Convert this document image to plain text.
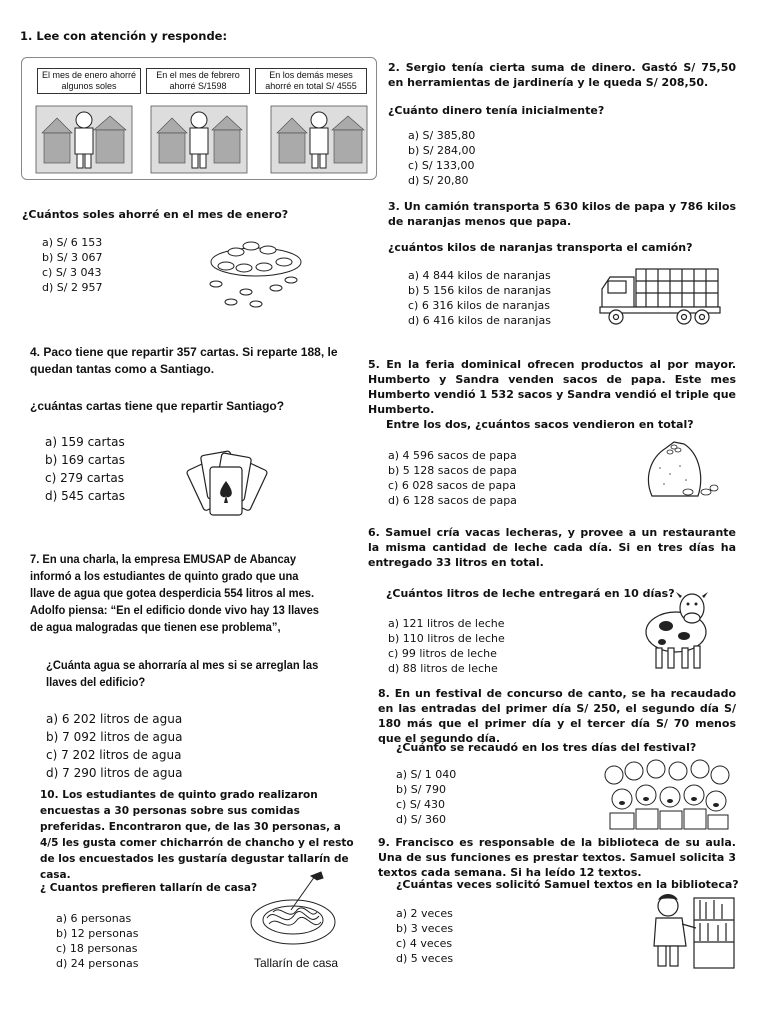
1. Lee con atención y responde:
El mes de enero ahorré algunos soles
En el mes de febrero ahorré S/1598
En los demás meses ahorré en total S/ 4555
¿Cuántos soles ahorré en el mes de enero?
a) S/ 6 153
b) S/ 3 067
c) S/ 3 043
d) S/ 2 957
2. Sergio tenía cierta suma de dinero. Gastó S/ 75,50 en herramientas de jardinería y le queda S/ 208,50.
¿Cuánto dinero tenía inicialmente?
a) S/ 385,80
b) S/ 284,00
c) S/ 133,00
d) S/ 20,80
3. Un camión transporta 5 630 kilos de papa y 786 kilos de naranjas menos que papa.
¿cuántos kilos de naranjas transporta el camión?
a) 4 844 kilos de naranjas
b) 5 156 kilos de naranjas
c) 6 316 kilos de naranjas
d) 6 416 kilos de naranjas
4. Paco tiene que repartir 357 cartas. Si reparte 188, le quedan tantas como a Santiago.
¿cuántas cartas tiene que repartir Santiago?
a) 159 cartas
b) 169 cartas
c) 279 cartas
d) 545 cartas
5. En la feria dominical ofrecen productos al por mayor. Humberto y Sandra venden sacos de papa. Este mes Humberto vendió 1 532 sacos y Sandra vendió el triple que Humberto.
Entre los dos, ¿cuántos sacos vendieron en total?
a) 4 596 sacos de papa
b) 5 128 sacos de papa
c) 6 028 sacos de papa
d) 6 128 sacos de papa
6. Samuel cría vacas lecheras, y provee a un restaurante la misma cantidad de leche cada día. Si en tres días ha entregado 33 litros en total.
¿Cuántos litros de leche entregará en 10 días?
a) 121 litros de leche
b) 110 litros de leche
c) 99 litros de leche
d) 88 litros de leche
7. En una charla, la empresa EMUSAP de Abancay informó a los estudiantes de quinto grado que una llave de agua que gotea desperdicia 554 litros al mes. Adolfo piensa: “En el edificio donde vivo hay 13 llaves de agua malogradas que tienen ese problema”,
¿Cuánta agua se ahorraría al mes si se arreglan las llaves del edificio?
a) 6 202 litros de agua
b) 7 092 litros de agua
c) 7 202 litros de agua
d) 7 290 litros de agua
8. En un festival de concurso de canto, se ha recaudado en las entradas del primer día S/ 250, el segundo día S/ 180 más que el primer día y el tercer día S/ 70 menos que el segundo día.
¿Cuánto se recaudó en los tres días del festival?
a) S/ 1 040
b) S/ 790
c) S/ 430
d) S/ 360
9. Francisco es responsable de la biblioteca de su aula. Una de sus funciones es prestar textos. Samuel solicita 3 textos cada semana. Si ha leído 12 textos.
¿Cuántas veces solicitó Samuel textos en la biblioteca?
a) 2 veces
b) 3 veces
c) 4 veces
d) 5 veces
10. Los estudiantes de quinto grado realizaron encuestas a 30 personas sobre sus comidas preferidas. Encontraron que, de las 30 personas, a 4/5 les gusta comer chicharrón de chancho y el resto de los encuestados les gustaría degustar tallarín de casa.
¿ Cuantos prefieren tallarín de casa?
a) 6 personas
b) 12 personas
c) 18 personas
d) 24 personas	Tallarín de casa
